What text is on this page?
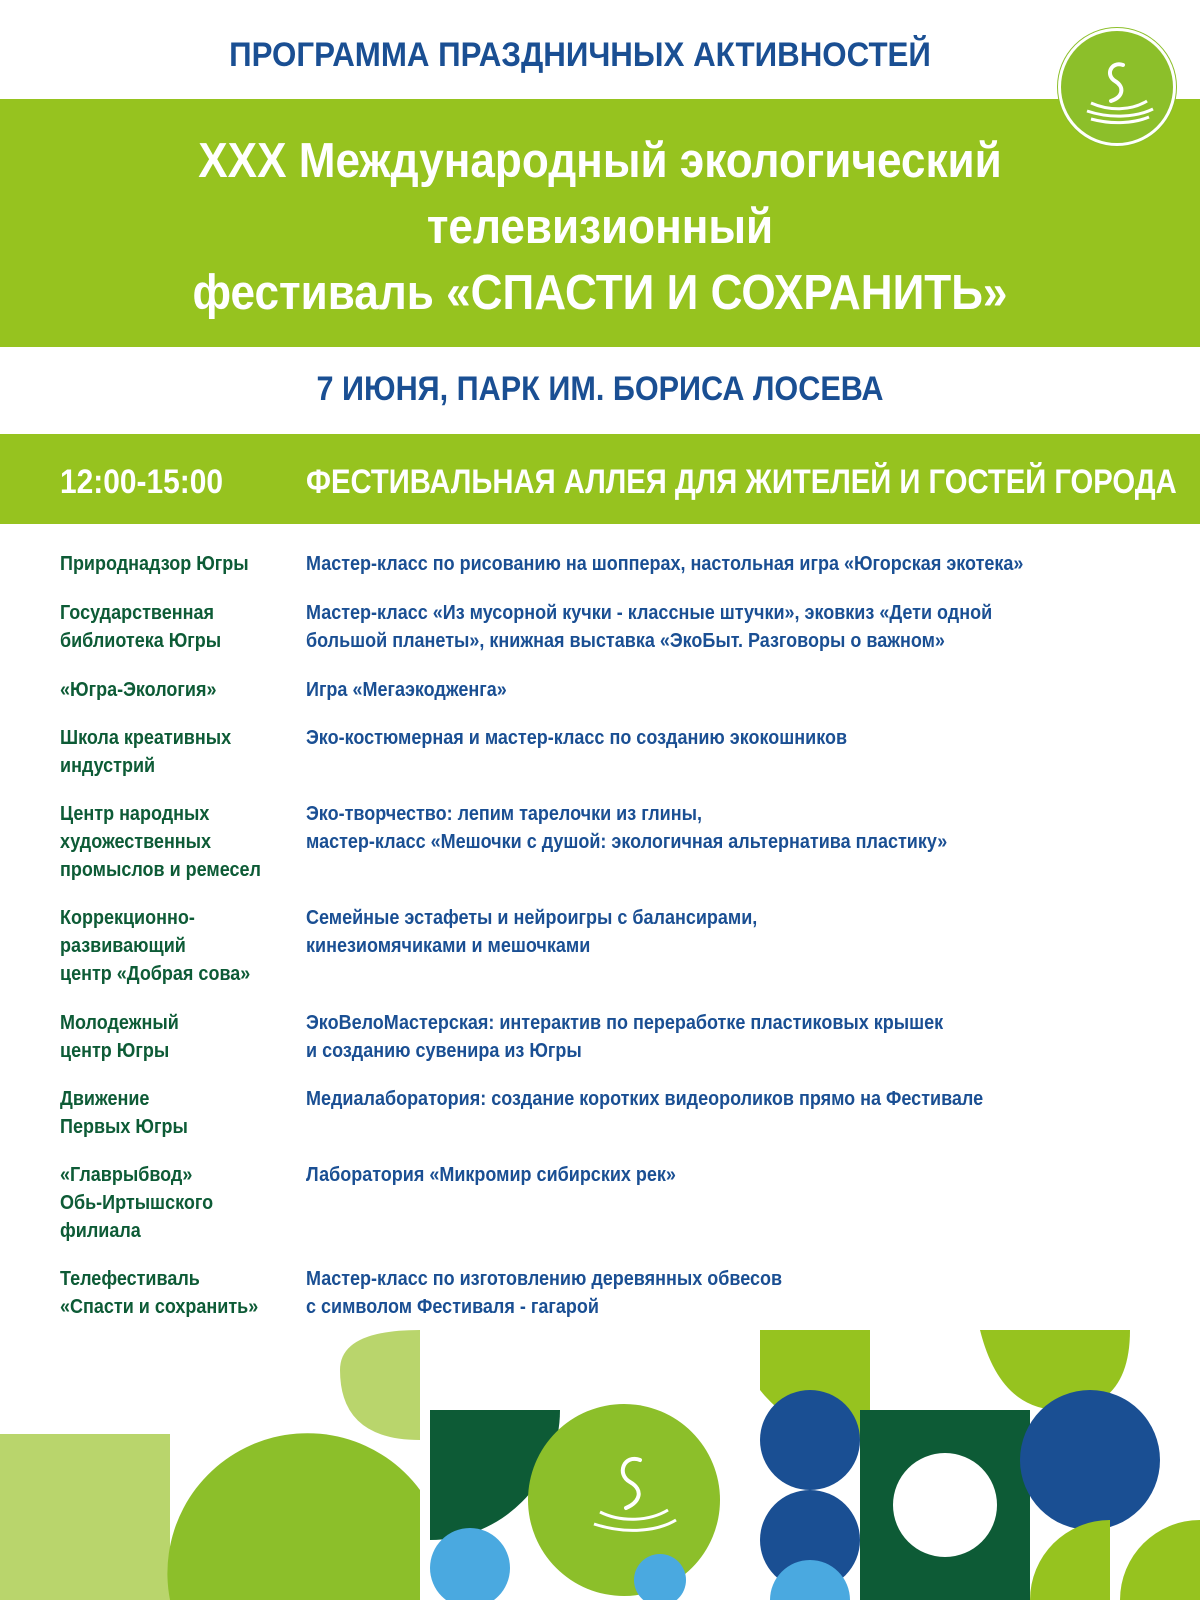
ПРОГРАММА ПРАЗДНИЧНЫХ АКТИВНОСТЕЙ
XXX Международный экологический
телевизионный
фестиваль «СПАСТИ И СОХРАНИТЬ»
7 ИЮНЯ, ПАРК ИМ. БОРИСА ЛОСЕВА
12:00-15:00 ФЕСТИВАЛЬНАЯ АЛЛЕЯ ДЛЯ ЖИТЕЛЕЙ И ГОСТЕЙ ГОРОДА
Природнадзор Югры	Мастер-класс по рисованию на шопперах, настольная игра «Югорская экотека»
Государственная
библиотека Югры
Мастер-класс «Из мусорной кучки - классные штучки», эковкиз «Дети одной
большой планеты», книжная выставка «ЭкоБыт. Разговоры о важном»
«Югра-Экология»	Игра «Мегаэкодженга»
Школа креативных
индустрий
Эко-костюмерная и мастер-класс по созданию экокошников
Центр народных
художественных
промыслов и ремесел
Эко-творчество: лепим тарелочки из глины,
мастер-класс «Мешочки с душой: экологичная альтернатива пластику»
Коррекционно-
развивающий
центр «Добрая сова»
Семейные эстафеты и нейроигры с балансирами,
кинезиомячиками и мешочками
Молодежный
центр Югры
ЭкоВелоМастерская: интерактив по переработке пластиковых крышек
и созданию сувенира из Югры
Движение
Первых Югры
Медиалаборатория: создание коротких видеороликов прямо на Фестивале
«Главрыбвод»
Обь-Иртышского
филиала
Лаборатория «Микромир сибирских рек»
Телефестиваль
«Спасти и сохранить»
Мастер-класс по изготовлению деревянных обвесов
с символом Фестиваля - гагарой
